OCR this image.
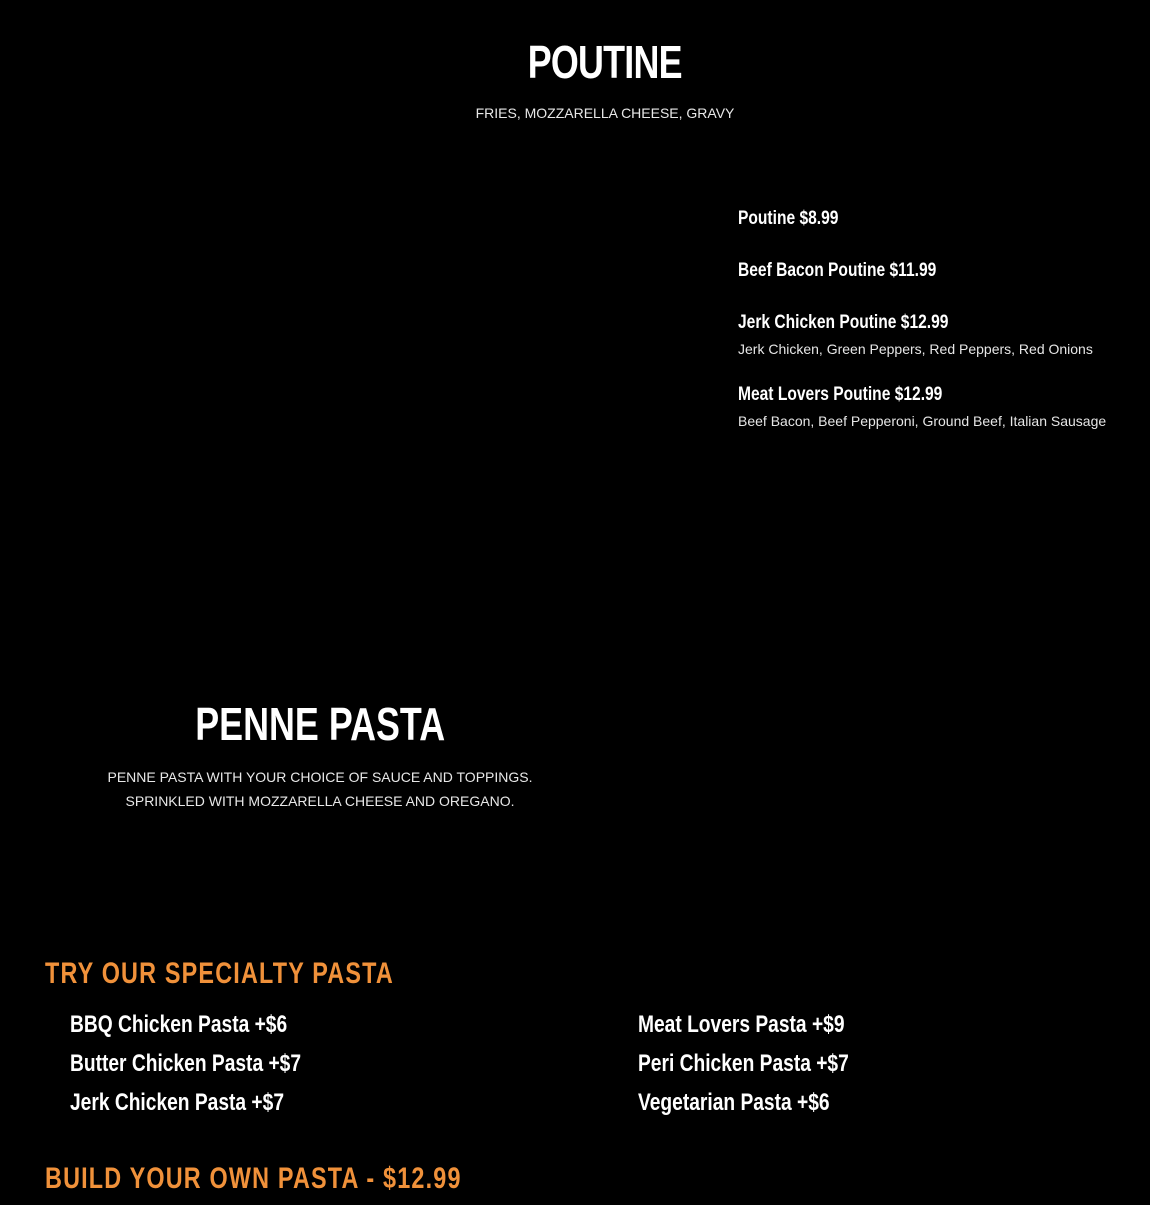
POUTINE
FRIES, MOZZARELLA CHEESE, GRAVY
Poutine $8.99
Beef Bacon Poutine $11.99
Jerk Chicken Poutine $12.99
Jerk Chicken, Green Peppers, Red Peppers, Red Onions
Meat Lovers Poutine $12.99
Beef Bacon, Beef Pepperoni, Ground Beef, Italian Sausage
PENNE PASTA
PENNE PASTA WITH YOUR CHOICE OF SAUCE AND TOPPINGS.
SPRINKLED WITH MOZZARELLA CHEESE AND OREGANO.
TRY OUR SPECIALTY PASTA
BBQ Chicken Pasta +$6
Butter Chicken Pasta +$7
Jerk Chicken Pasta +$7
Meat Lovers Pasta +$9
Peri Chicken Pasta +$7
Vegetarian Pasta +$6
BUILD YOUR OWN PASTA - $12.99
